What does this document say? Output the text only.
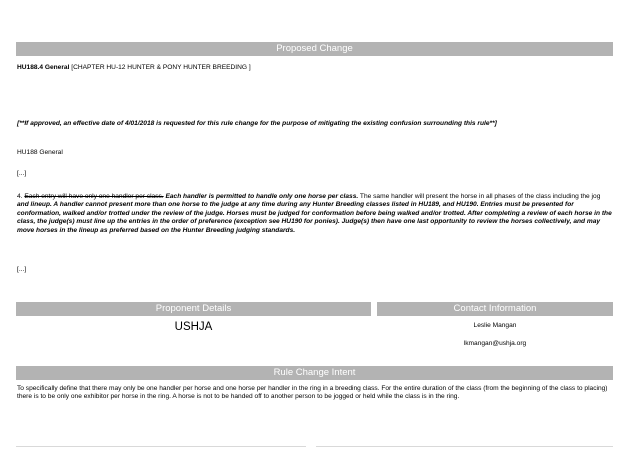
Proposed Change
HU188.4 General [CHAPTER HU-12 HUNTER & PONY HUNTER BREEDING ]
[**If approved, an effective date of 4/01/2018 is requested for this rule change for the purpose of mitigating the existing confusion surrounding this rule**]
HU188 General
[...]
4. Each entry will have only one handler per class. Each handler is permitted to handle only one horse per class. The same handler will present the horse in all phases of the class including the jog and lineup. A handler cannot present more than one horse to the judge at any time during any Hunter Breeding classes listed in HU189, and HU190. Entries must be presented for conformation, walked and/or trotted under the review of the judge. Horses must be judged for conformation before being walked and/or trotted. After completing a review of each horse in the class, the judge(s) must line up the entries in the order of preference (exception see HU190 for ponies). Judge(s) then have one last opportunity to review the horses collectively, and may move horses in the lineup as preferred based on the Hunter Breeding judging standards.
[...]
Proponent Details	Contact Information
USHJA	Leslie Mangan
lkmangan@ushja.org
Rule Change Intent
To specifically define that there may only be one handler per horse and one horse per handler in the ring in a breeding class. For the entire duration of the class (from the beginning of the class to placing) there is to be only one exhibitor per horse in the ring. A horse is not to be handed off to another person to be jogged or held while the class is in the ring.
